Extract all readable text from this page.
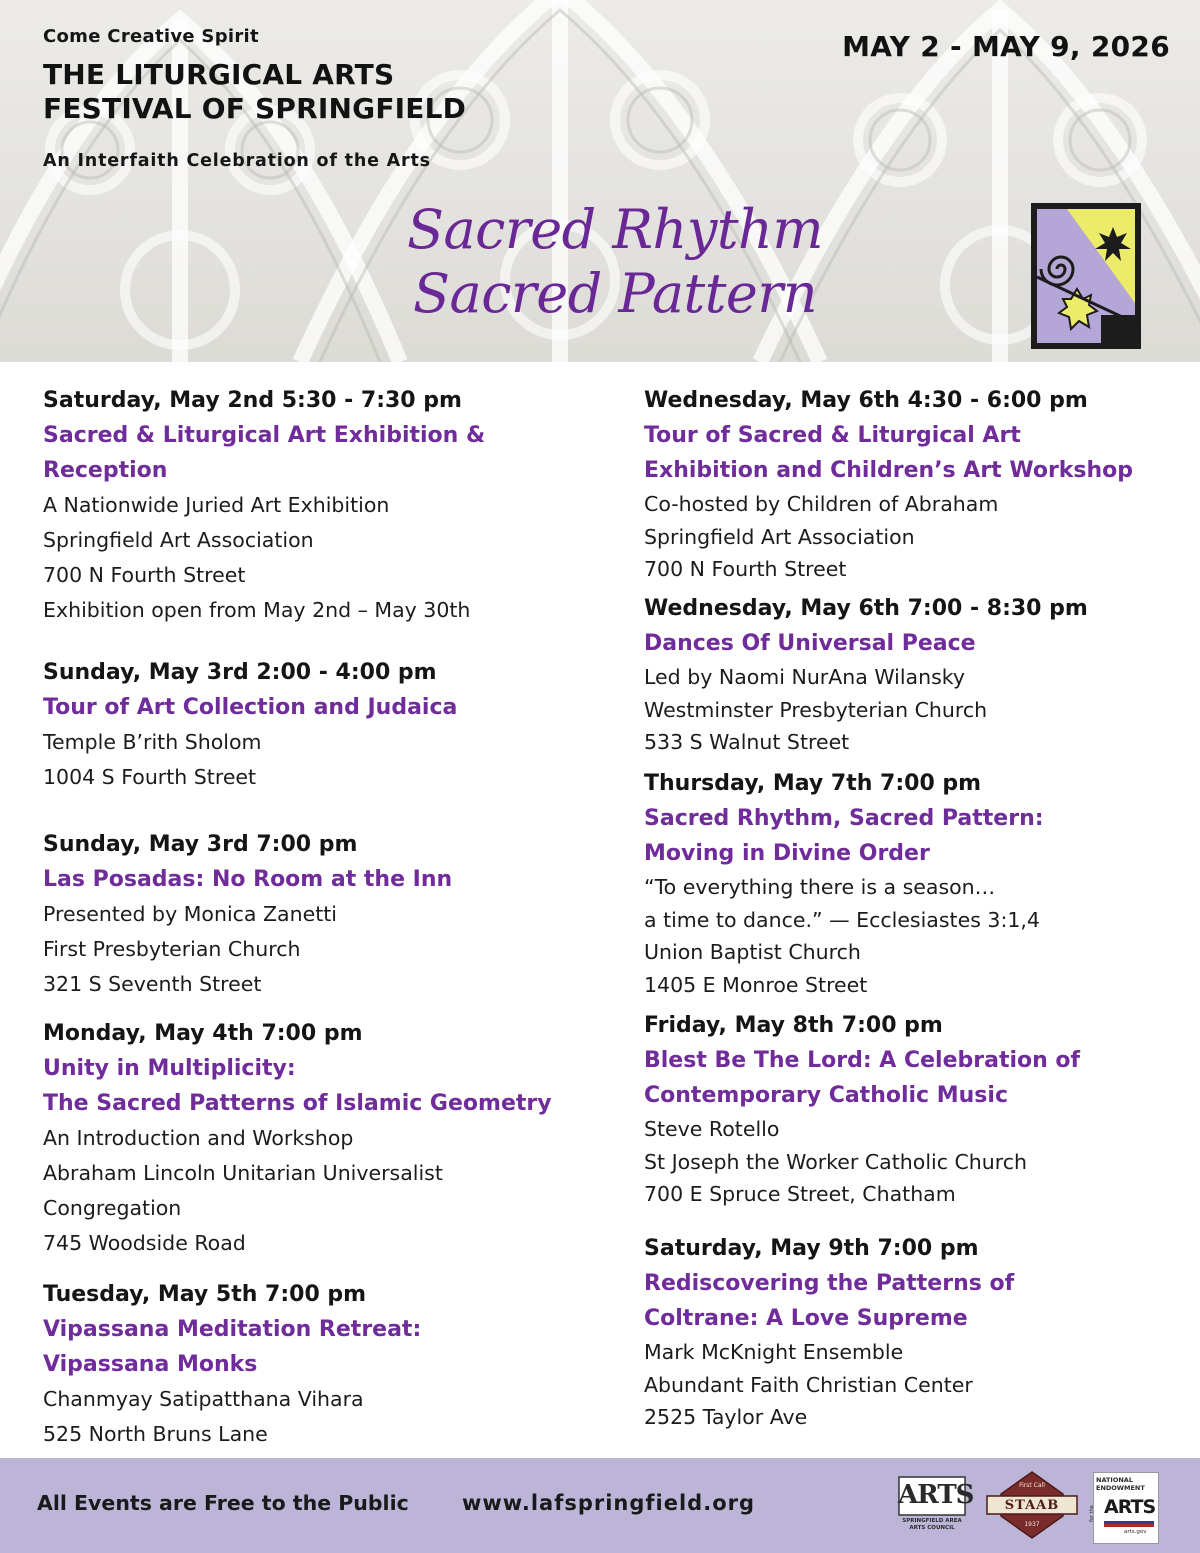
Come Creative Spirit
THE LITURGICAL ARTS
FESTIVAL OF SPRINGFIELD
An Interfaith Celebration of the Arts
MAY 2 - MAY 9, 2026
Sacred Rhythm
Sacred Pattern
Saturday, May 2nd 5:30 - 7:30 pm
Sacred & Liturgical Art Exhibition &
Reception
A Nationwide Juried Art Exhibition
Springfield Art Association
700 N Fourth Street
Exhibition open from May 2nd – May 30th
Sunday, May 3rd 2:00 - 4:00 pm
Tour of Art Collection and Judaica
Temple B’rith Sholom
1004 S Fourth Street
Sunday, May 3rd 7:00 pm
Las Posadas: No Room at the Inn
Presented by Monica Zanetti
First Presbyterian Church
321 S Seventh Street
Monday, May 4th 7:00 pm
Unity in Multiplicity:
The Sacred Patterns of Islamic Geometry
An Introduction and Workshop
Abraham Lincoln Unitarian Universalist
Congregation
745 Woodside Road
Tuesday, May 5th 7:00 pm
Vipassana Meditation Retreat:
Vipassana Monks
Chanmyay Satipatthana Vihara
525 North Bruns Lane
Wednesday, May 6th 4:30 - 6:00 pm
Tour of Sacred & Liturgical Art
Exhibition and Children’s Art Workshop
Co-hosted by Children of Abraham
Springfield Art Association
700 N Fourth Street
Wednesday, May 6th 7:00 - 8:30 pm
Dances Of Universal Peace
Led by Naomi NurAna Wilansky
Westminster Presbyterian Church
533 S Walnut Street
Thursday, May 7th 7:00 pm
Sacred Rhythm, Sacred Pattern:
Moving in Divine Order
“To everything there is a season…
a time to dance.” — Ecclesiastes 3:1,4
Union Baptist Church
1405 E Monroe Street
Friday, May 8th 7:00 pm
Blest Be The Lord: A Celebration of
Contemporary Catholic Music
Steve Rotello
St Joseph the Worker Catholic Church
700 E Spruce Street, Chatham
Saturday, May 9th 7:00 pm
Rediscovering the Patterns of
Coltrane: A Love Supreme
Mark McKnight Ensemble
Abundant Faith Christian Center
2525 Taylor Ave
All Events are Free to the Public	www.lafspringfield.org	ARTS
SPRINGFIELD AREA
ARTS COUNCIL
First Call
STAAB
1937
NATIONAL
ENDOWMENT
for the ARTS
arts.gov
